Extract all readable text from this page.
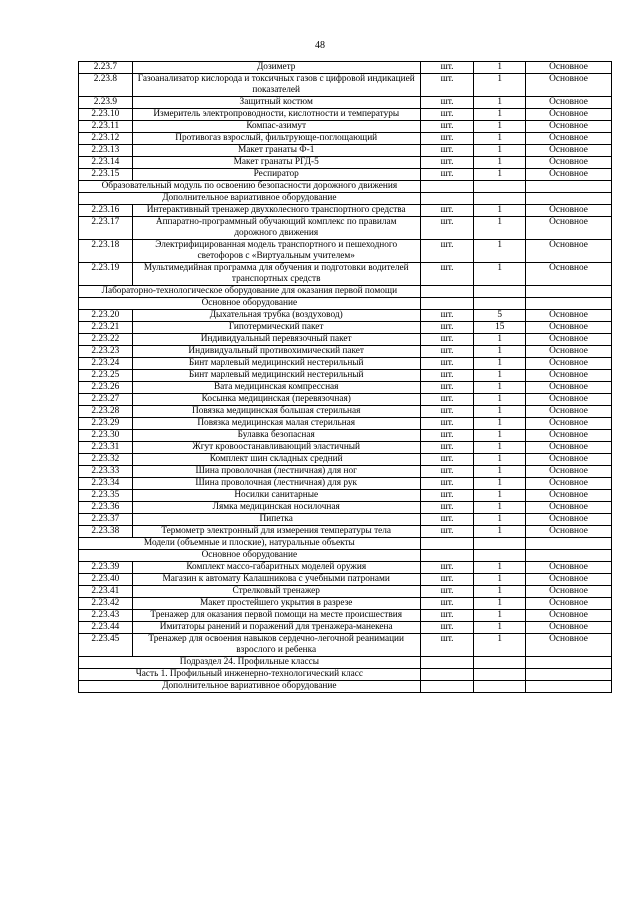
48
2.23.7	Дозиметр	шт.	1	Основное
2.23.8	Газоанализатор кислорода и токсичных газов с цифровой индикацией показателей	шт.	1	Основное
2.23.9	Защитный костюм	шт.	1	Основное
2.23.10	Измеритель электропроводности, кислотности и температуры	шт.	1	Основное
2.23.11	Компас-азимут	шт.	1	Основное
2.23.12	Противогаз взрослый, фильтрующе-поглощающий	шт.	1	Основное
2.23.13	Макет гранаты Ф-1	шт.	1	Основное
2.23.14	Макет гранаты РГД-5	шт.	1	Основное
2.23.15	Респиратор	шт.	1	Основное
Образовательный модуль по освоению безопасности дорожного движения				
Дополнительное вариативное оборудование				
2.23.16	Интерактивный тренажер двухколесного транспортного средства	шт.	1	Основное
2.23.17	Аппаратно-программный обучающий комплекс по правилам дорожного движения	шт.	1	Основное
2.23.18	Электрифицированная модель транспортного и пешеходного светофоров с «Виртуальным учителем»	шт.	1	Основное
2.23.19	Мультимедийная программа для обучения и подготовки водителей транспортных средств	шт.	1	Основное
Лабораторно-технологическое оборудование для оказания первой помощи				
Основное оборудование				
2.23.20	Дыхательная трубка (воздуховод)	шт.	5	Основное
2.23.21	Гипотермический пакет	шт.	15	Основное
2.23.22	Индивидуальный перевязочный пакет	шт.	1	Основное
2.23.23	Индивидуальный противохимический пакет	шт.	1	Основное
2.23.24	Бинт марлевый медицинский нестерильный	шт.	1	Основное
2.23.25	Бинт марлевый медицинский нестерильный	шт.	1	Основное
2.23.26	Вата медицинская компрессная	шт.	1	Основное
2.23.27	Косынка медицинская (перевязочная)	шт.	1	Основное
2.23.28	Повязка медицинская большая стерильная	шт.	1	Основное
2.23.29	Повязка медицинская малая стерильная	шт.	1	Основное
2.23.30	Булавка безопасная	шт.	1	Основное
2.23.31	Жгут кровоостанавливающий эластичный	шт.	1	Основное
2.23.32	Комплект шин складных средний	шт.	1	Основное
2.23.33	Шина проволочная (лестничная) для ног	шт.	1	Основное
2.23.34	Шина проволочная (лестничная) для рук	шт.	1	Основное
2.23.35	Носилки санитарные	шт.	1	Основное
2.23.36	Лямка медицинская носилочная	шт.	1	Основное
2.23.37	Пипетка	шт.	1	Основное
2.23.38	Термометр электронный для измерения температуры тела	шт.	1	Основное
Модели (объемные и плоские), натуральные объекты				
Основное оборудование				
2.23.39	Комплект массо-габаритных моделей оружия	шт.	1	Основное
2.23.40	Магазин к автомату Калашникова с учебными патронами	шт.	1	Основное
2.23.41	Стрелковый тренажер	шт.	1	Основное
2.23.42	Макет простейшего укрытия в разрезе	шт.	1	Основное
2.23.43	Тренажер для оказания первой помощи на месте происшествия	шт.	1	Основное
2.23.44	Имитаторы ранений и поражений для тренажера-манекена	шт.	1	Основное
2.23.45	Тренажер для освоения навыков сердечно-легочной реанимации взрослого и ребенка	шт.	1	Основное
Подраздел 24. Профильные классы				
Часть 1. Профильный инженерно-технологический класс				
Дополнительное вариативное оборудование				
